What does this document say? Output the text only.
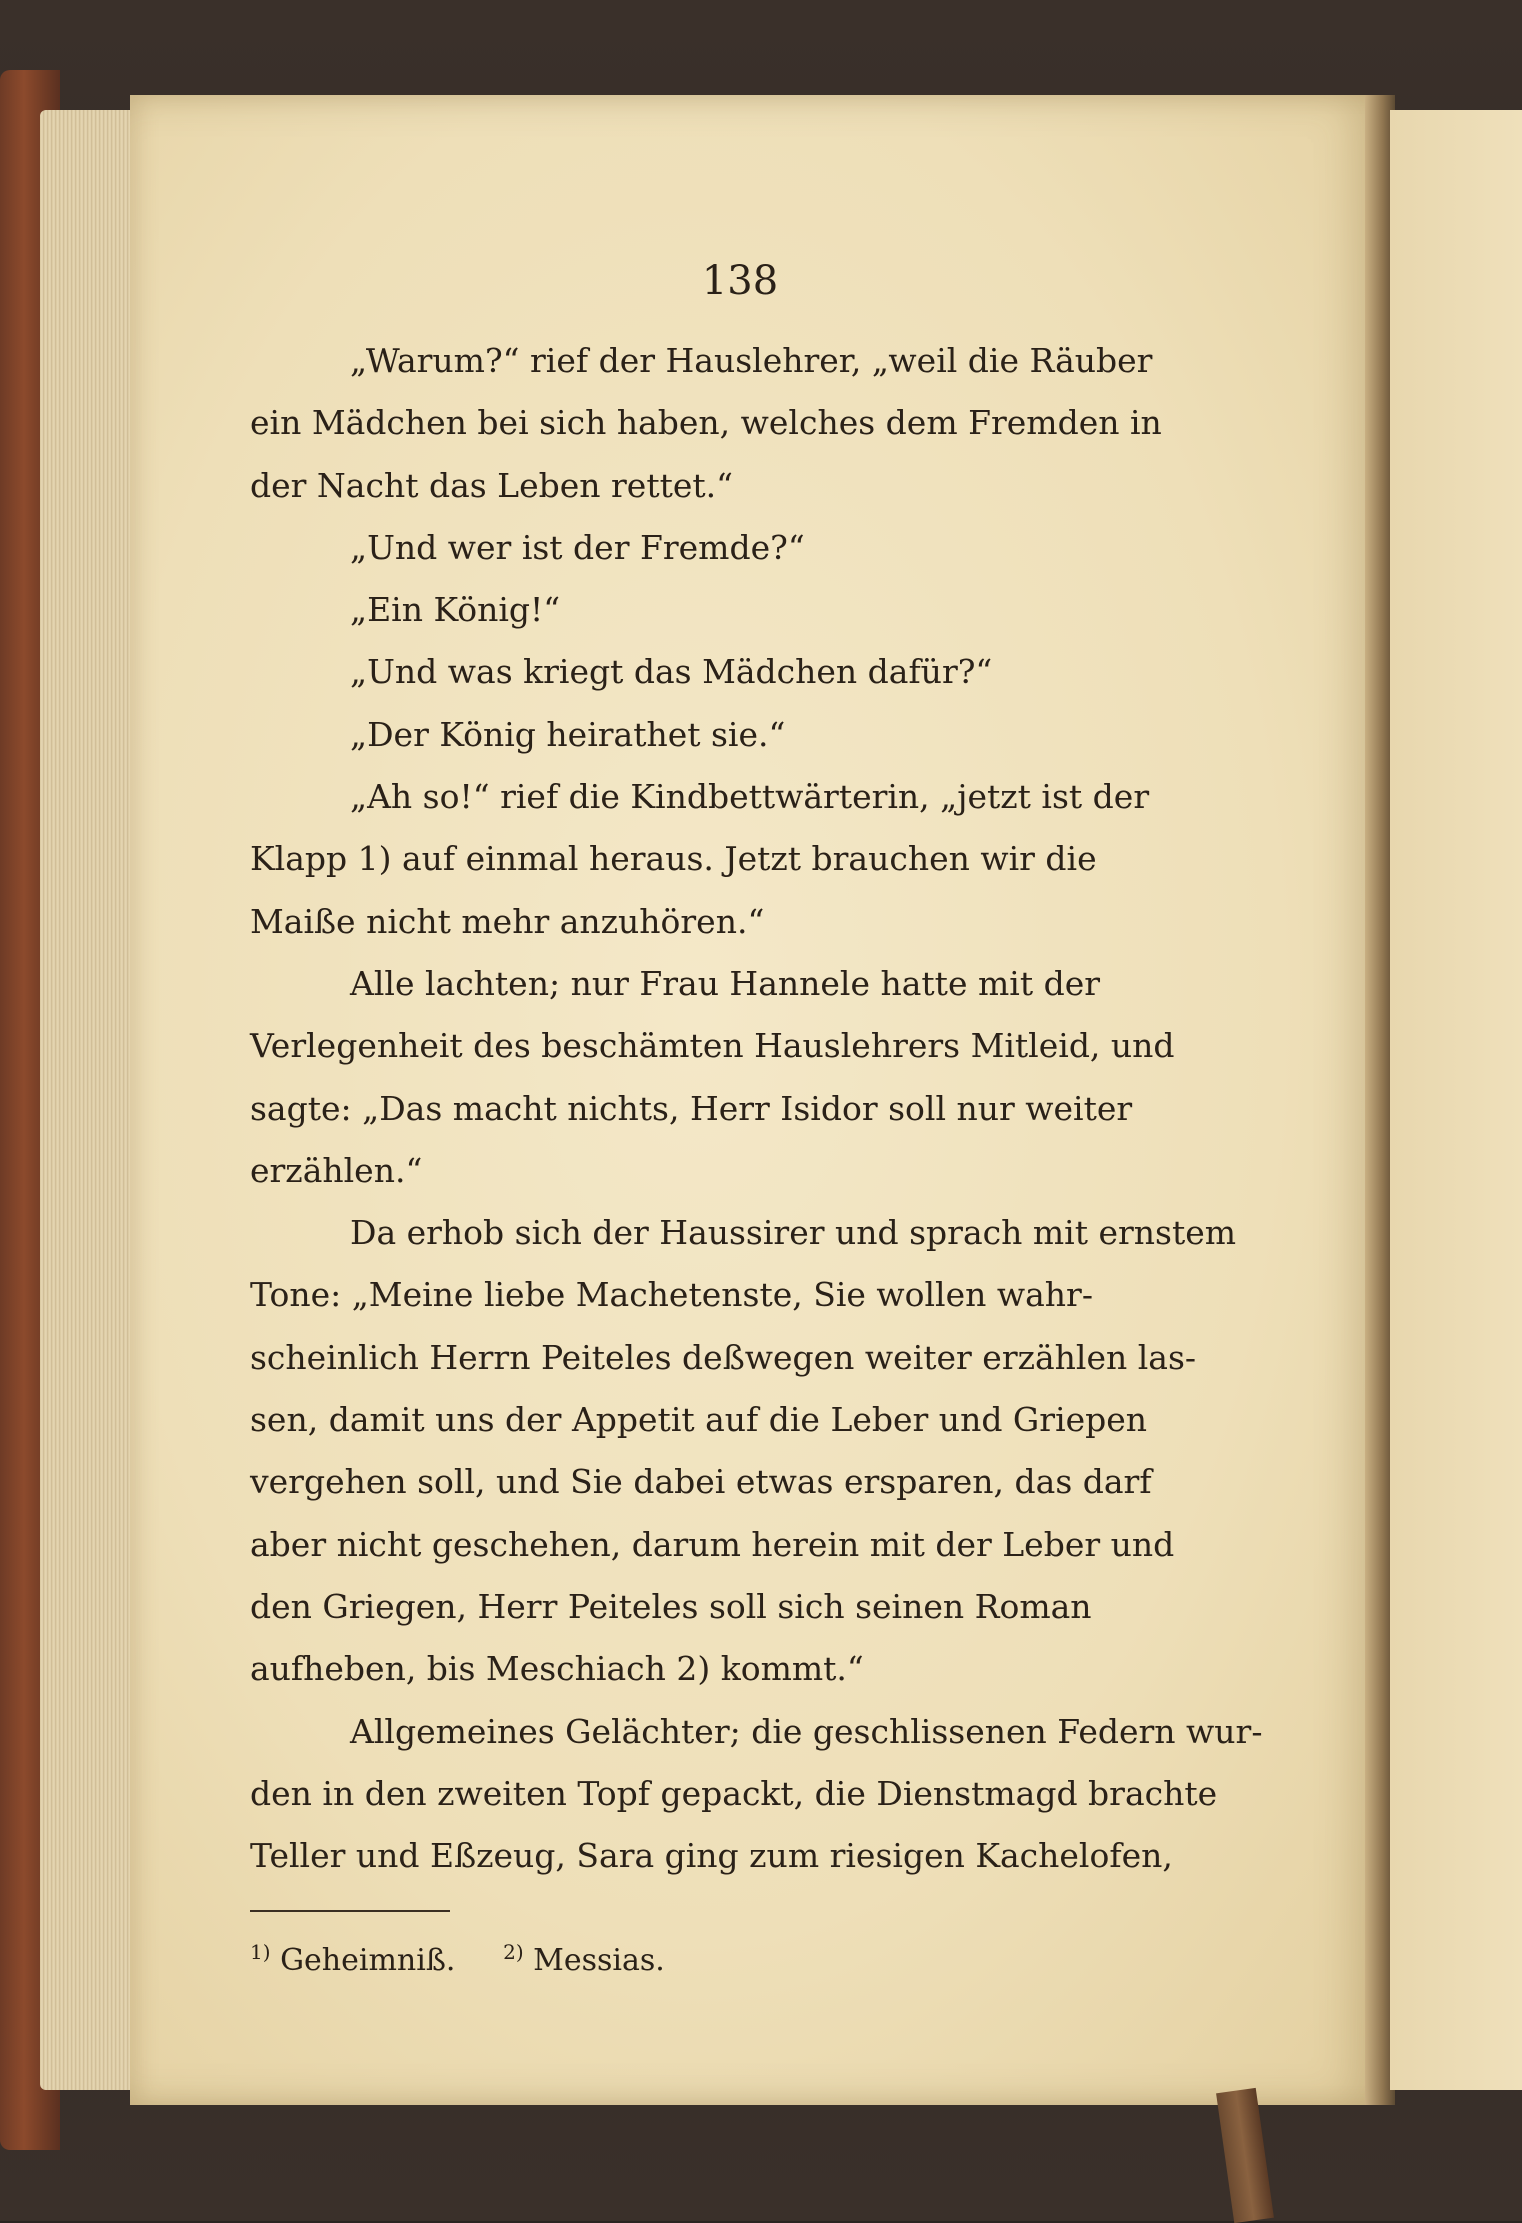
138

„Warum?“ rief der Hauslehrer, „weil die Räuber
ein Mädchen bei sich haben, welches dem Fremden in
der Nacht das Leben rettet.“

„Und wer ist der Fremde?“

„Ein König!“

„Und was kriegt das Mädchen dafür?“

„Der König heirathet sie.“

„Ah so!“ rief die Kindbettwärterin, „jetzt ist der
Klapp 1) auf einmal heraus. Jetzt brauchen wir die
Maiße nicht mehr anzuhören.“

Alle lachten; nur Frau Hannele hatte mit der
Verlegenheit des beschämten Hauslehrers Mitleid, und
sagte: „Das macht nichts, Herr Isidor soll nur weiter
erzählen.“

Da erhob sich der Haussirer und sprach mit ernstem
Tone: „Meine liebe Machetenste, Sie wollen wahr-
scheinlich Herrn Peiteles deßwegen weiter erzählen las-
sen, damit uns der Appetit auf die Leber und Griepen
vergehen soll, und Sie dabei etwas ersparen, das darf
aber nicht geschehen, darum herein mit der Leber und
den Griegen, Herr Peiteles soll sich seinen Roman
aufheben, bis Meschiach 2) kommt.“

Allgemeines Gelächter; die geschlissenen Federn wur-
den in den zweiten Topf gepackt, die Dienstmagd brachte
Teller und Eßzeug, Sara ging zum riesigen Kachelofen,

$^{1)}$ Geheimniß. $^{2)}$ Messias.
